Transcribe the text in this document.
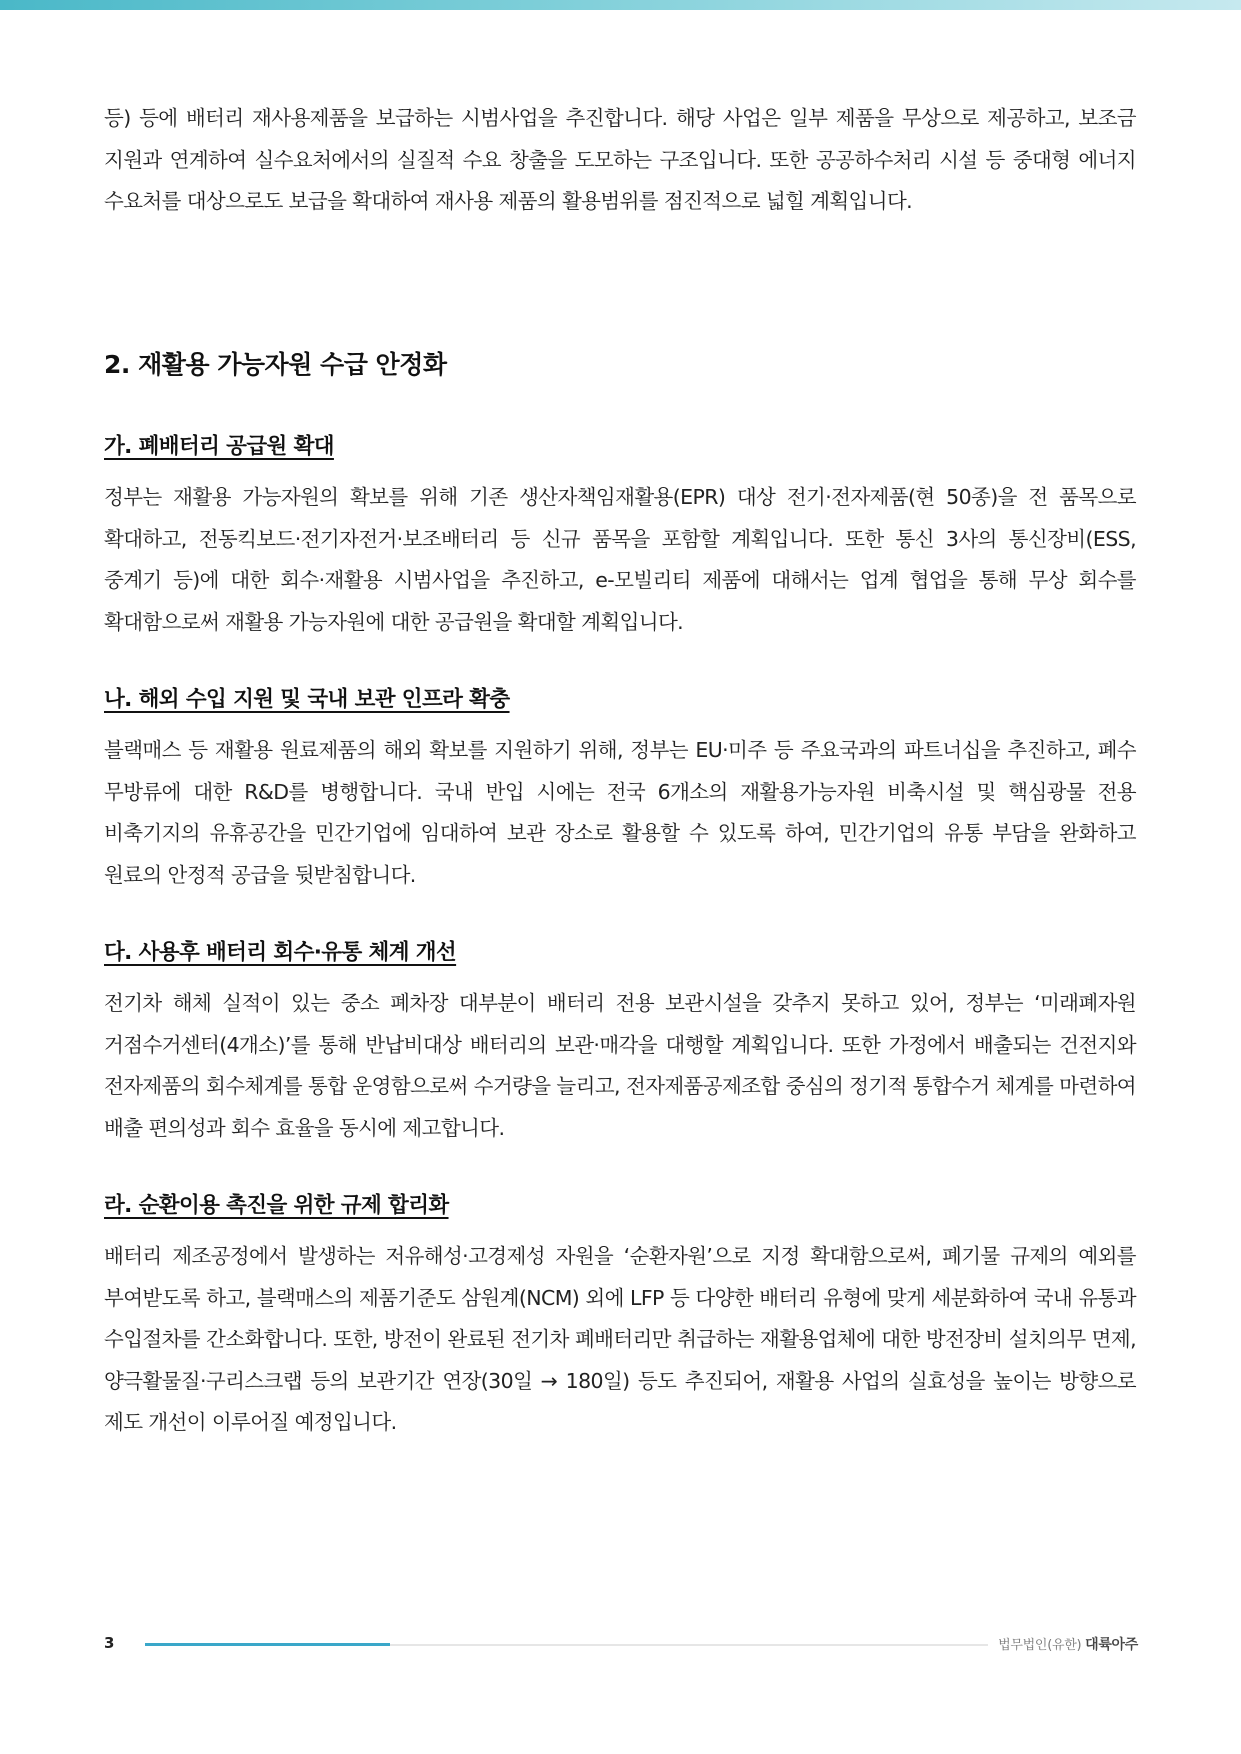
등) 등에 배터리 재사용제품을 보급하는 시범사업을 추진합니다. 해당 사업은 일부 제품을 무상으로 제공하고, 보조금 지원과 연계하여 실수요처에서의 실질적 수요 창출을 도모하는 구조입니다. 또한 공공하수처리 시설 등 중대형 에너지 수요처를 대상으로도 보급을 확대하여 재사용 제품의 활용범위를 점진적으로 넓힐 계획입니다.

2. 재활용 가능자원 수급 안정화
가. 폐배터리 공급원 확대

정부는 재활용 가능자원의 확보를 위해 기존 생산자책임재활용(EPR) 대상 전기·전자제품(현 50종)을 전 품목으로 확대하고, 전동킥보드·전기자전거·보조배터리 등 신규 품목을 포함할 계획입니다. 또한 통신 3사의 통신장비(ESS, 중계기 등)에 대한 회수·재활용 시범사업을 추진하고, e-모빌리티 제품에 대해서는 업계 협업을 통해 무상 회수를 확대함으로써 재활용 가능자원에 대한 공급원을 확대할 계획입니다.

나. 해외 수입 지원 및 국내 보관 인프라 확충

블랙매스 등 재활용 원료제품의 해외 확보를 지원하기 위해, 정부는 EU·미주 등 주요국과의 파트너십을 추진하고, 폐수 무방류에 대한 R&D를 병행합니다. 국내 반입 시에는 전국 6개소의 재활용가능자원 비축시설 및 핵심광물 전용 비축기지의 유휴공간을 민간기업에 임대하여 보관 장소로 활용할 수 있도록 하여, 민간기업의 유통 부담을 완화하고 원료의 안정적 공급을 뒷받침합니다.

다. 사용후 배터리 회수·유통 체계 개선

전기차 해체 실적이 있는 중소 폐차장 대부분이 배터리 전용 보관시설을 갖추지 못하고 있어, 정부는 ‘미래폐자원 거점수거센터(4개소)’를 통해 반납비대상 배터리의 보관·매각을 대행할 계획입니다. 또한 가정에서 배출되는 건전지와 전자제품의 회수체계를 통합 운영함으로써 수거량을 늘리고, 전자제품공제조합 중심의 정기적 통합수거 체계를 마련하여 배출 편의성과 회수 효율을 동시에 제고합니다.

라. 순환이용 촉진을 위한 규제 합리화

배터리 제조공정에서 발생하는 저유해성·고경제성 자원을 ‘순환자원’으로 지정 확대함으로써, 폐기물 규제의 예외를 부여받도록 하고, 블랙매스의 제품기준도 삼원계(NCM) 외에 LFP 등 다양한 배터리 유형에 맞게 세분화하여 국내 유통과 수입절차를 간소화합니다. 또한, 방전이 완료된 전기차 폐배터리만 취급하는 재활용업체에 대한 방전장비 설치의무 면제, 양극활물질·구리스크랩 등의 보관기간 연장(30일 → 180일) 등도 추진되어, 재활용 사업의 실효성을 높이는 방향으로 제도 개선이 이루어질 예정입니다.

3	법무법인(유한) 대륙아주
